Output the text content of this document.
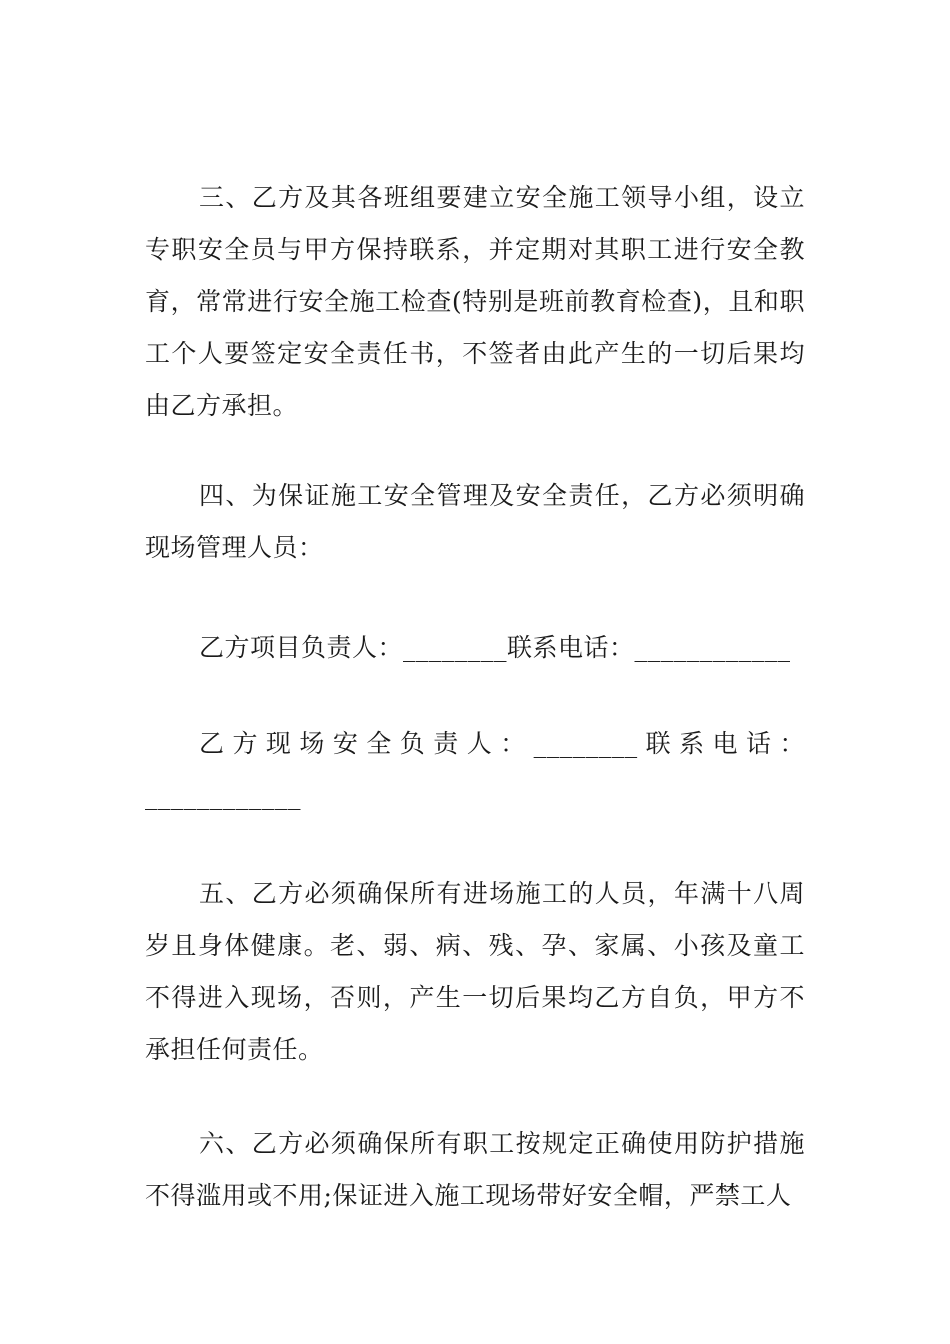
三、乙方及其各班组要建立安全施工领导小组，设立专职安全员与甲方保持联系，并定期对其职工进行安全教育，常常进行安全施工检查(特别是班前教育检查)，且和职工个人要签定安全责任书，不签者由此产生的一切后果均由乙方承担。

四、为保证施工安全管理及安全责任，乙方必须明确现场管理人员：

乙方项目负责人：________联系电话：____________

乙方现场安全负责人：________联系电话：____________

五、乙方必须确保所有进场施工的人员，年满十八周岁且身体健康。老、弱、病、残、孕、家属、小孩及童工不得进入现场，否则，产生一切后果均乙方自负，甲方不承担任何责任。

六、乙方必须确保所有职工按规定正确使用防护措施不得滥用或不用;保证进入施工现场带好安全帽，严禁工人
